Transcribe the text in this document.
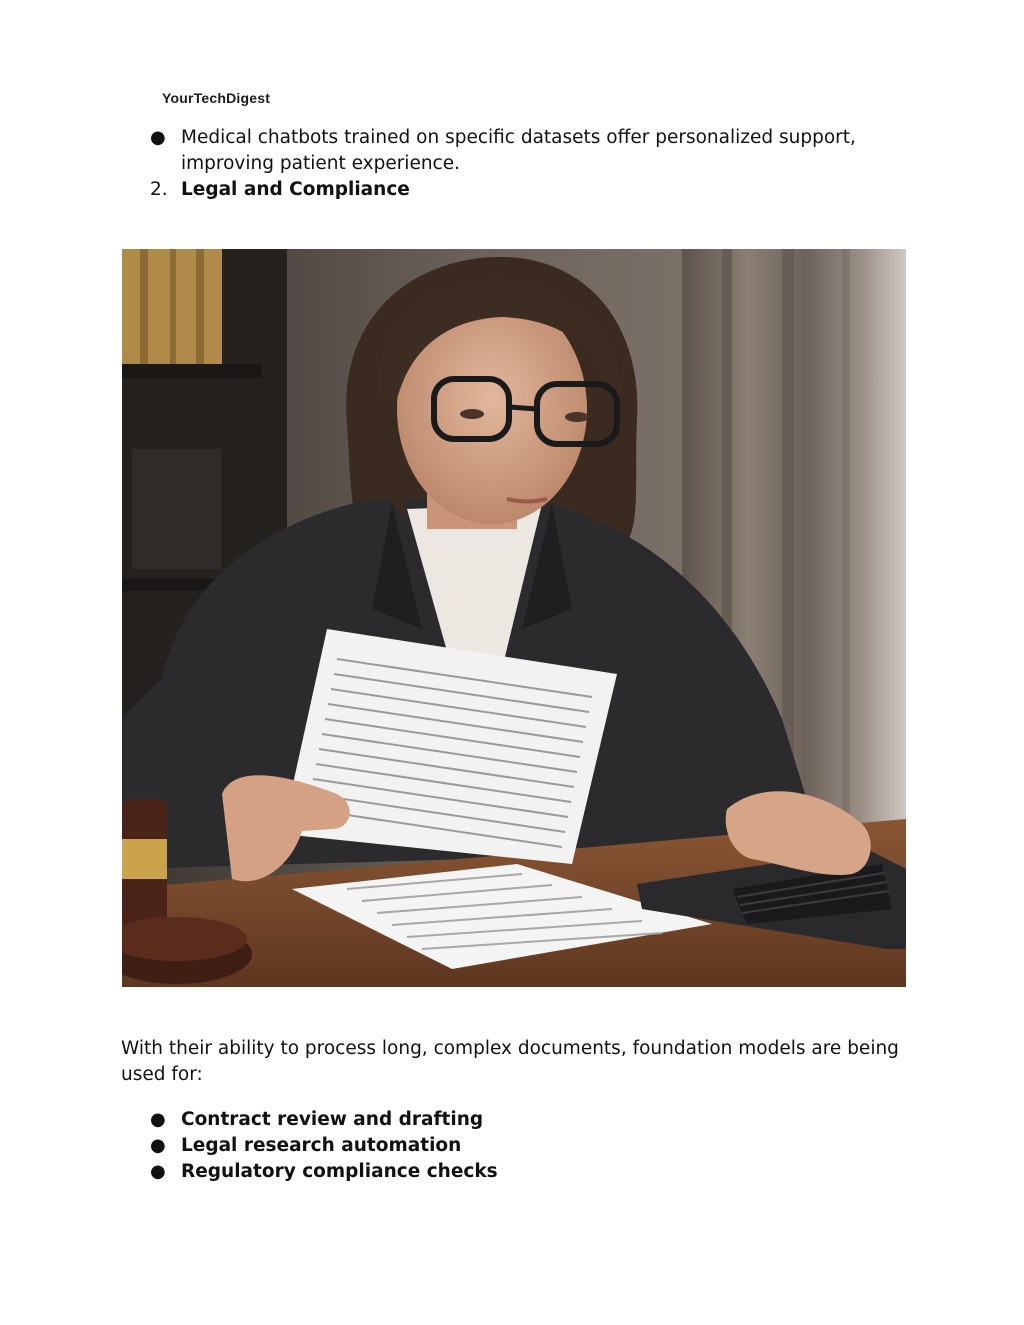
YourTechDigest
● Medical chatbots trained on specific datasets offer personalized support,
improving patient experience.
2. Legal and Compliance
With their ability to process long, complex documents, foundation models are being
used for:
● Contract review and drafting
● Legal research automation
● Regulatory compliance checks
